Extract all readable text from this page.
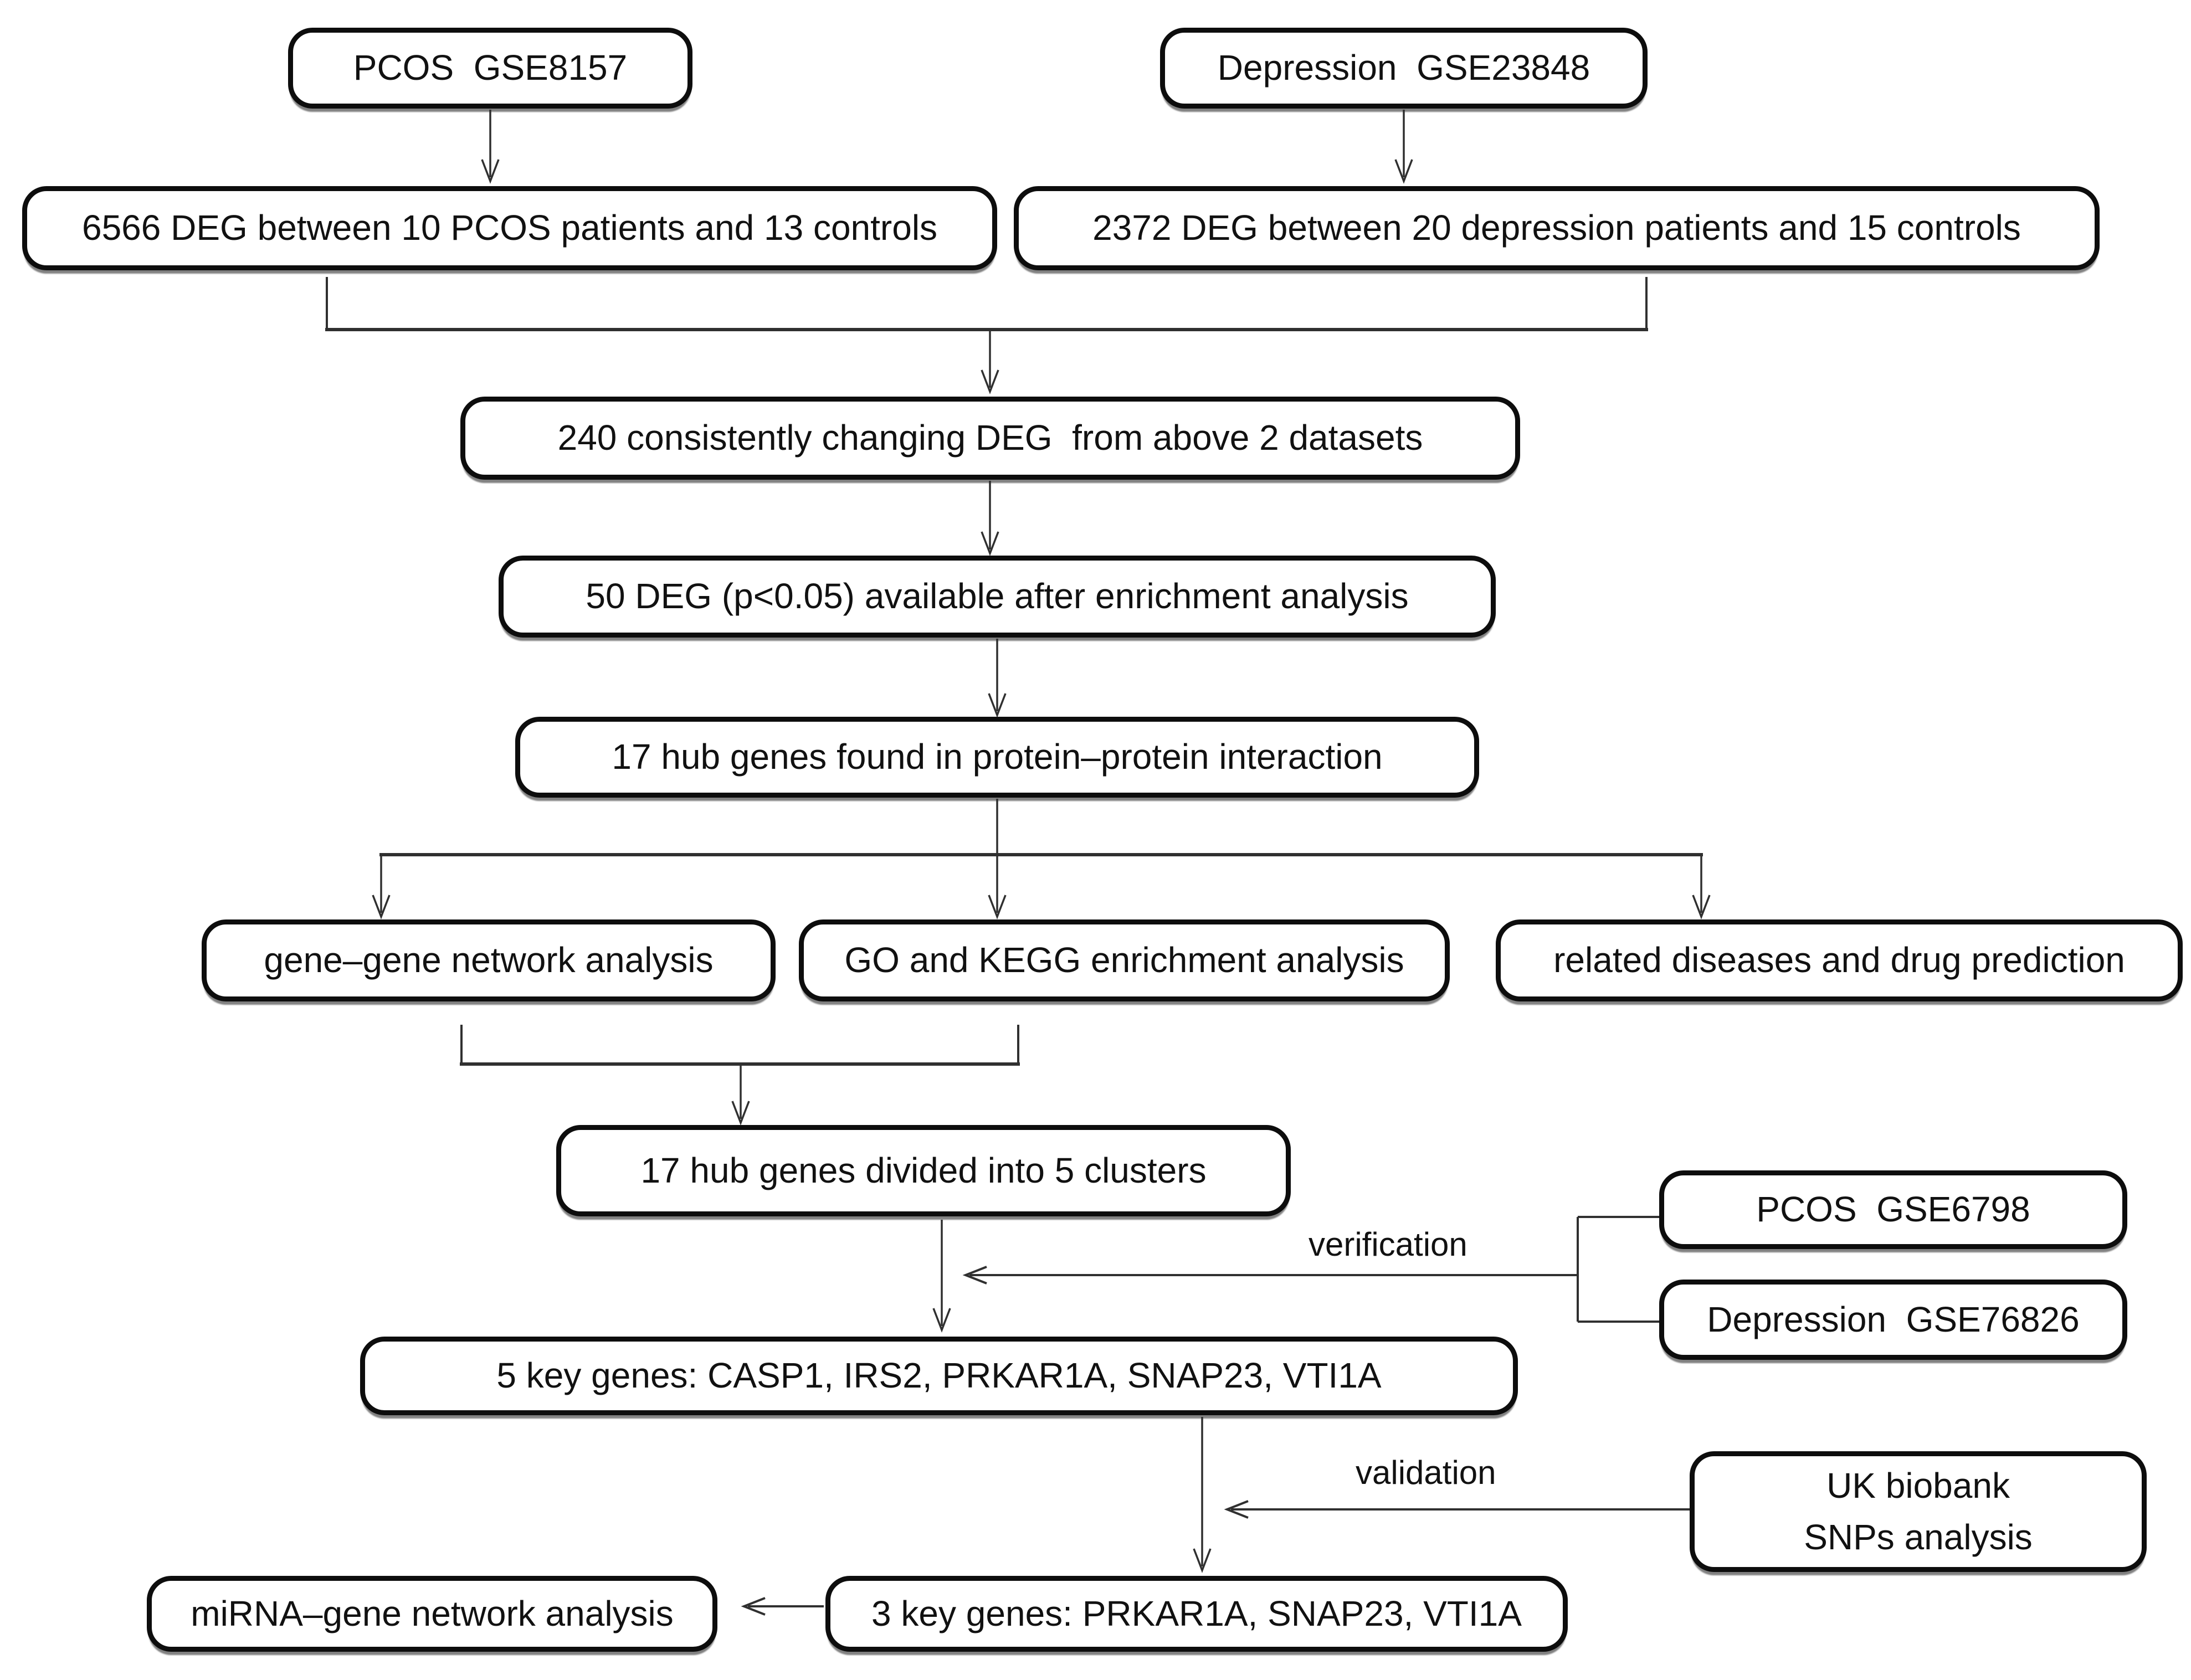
PCOS  GSE8157	Depression  GSE23848
6566 DEG between 10 PCOS patients and 13 controls	2372 DEG between 20 depression patients and 15 controls
240 consistently changing DEG  from above 2 datasets
50 DEG (p<0.05) available after enrichment analysis
17 hub genes found in protein–protein interaction
gene–gene network analysis	GO and KEGG enrichment analysis	related diseases and drug prediction
17 hub genes divided into 5 clusters
PCOS  GSE6798
Depression  GSE76826
5 key genes: CASP1, IRS2, PRKAR1A, SNAP23, VTI1A
UK biobank
SNPs analysis
3 key genes: PRKAR1A, SNAP23, VTI1A
miRNA–gene network analysis
verification
validation
